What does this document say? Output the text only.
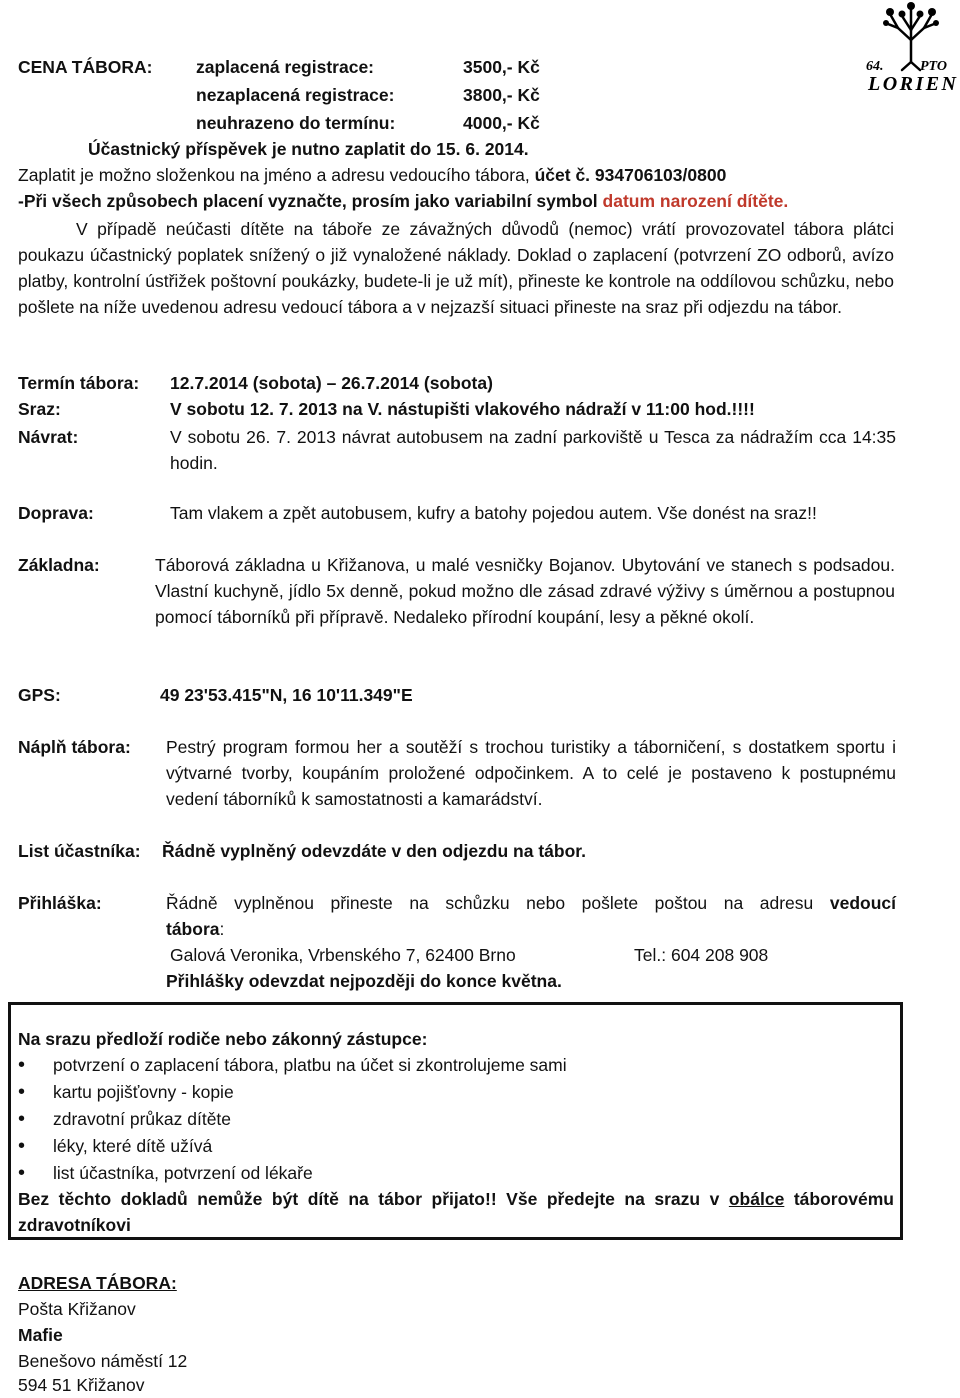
64.	PTO
LORIEN
CENA TÁBORA: zaplacená registrace:	3500,- Kč
nezaplacená registrace:	3800,- Kč
neuhrazeno do termínu:	4000,- Kč
Účastnický příspěvek je nutno zaplatit do 15. 6. 2014.
Zaplatit je možno složenkou na jméno a adresu vedoucího tábora, účet č. 934706103/0800
-Při všech způsobech placení vyznačte, prosím jako variabilní symbol datum narození dítěte.
V případě neúčasti dítěte na táboře ze závažných důvodů (nemoc) vrátí provozovatel tábora plátci poukazu účastnický poplatek snížený o již vynaložené náklady. Doklad o zaplacení (potvrzení ZO odborů, avízo platby, kontrolní ústřižek poštovní poukázky, budete-li je už mít), přineste ke kontrole na oddílovou schůzku, nebo pošlete na níže uvedenou adresu vedoucí tábora a v nejzazší situaci přineste na sraz při odjezdu na tábor.
Termín tábora: 12.7.2014 (sobota) – 26.7.2014 (sobota)
Sraz:	V sobotu 12. 7. 2013 na V. nástupišti vlakového nádraží v 11:00 hod.!!!!
Návrat:	V sobotu 26. 7. 2013 návrat autobusem na zadní parkoviště u Tesca za nádražím cca 14:35 hodin.
Doprava:	Tam vlakem a zpět autobusem, kufry a batohy pojedou autem. Vše donést na sraz!!
Základna:	Táborová základna u Křižanova, u malé vesničky Bojanov. Ubytování ve stanech s podsadou. Vlastní kuchyně, jídlo 5x denně, pokud možno dle zásad zdravé výživy s úměrnou a postupnou pomocí táborníků při přípravě. Nedaleko přírodní koupání, lesy a pěkné okolí.
GPS:	49 23'53.415"N, 16 10'11.349"E
Náplň tábora: Pestrý program formou her a soutěží s trochou turistiky a táborničení, s dostatkem sportu i výtvarné tvorby, koupáním proložené odpočinkem. A to celé je postaveno k postupnému vedení táborníků k samostatnosti a kamarádství.
List účastníka: Řádně vyplněný odevzdáte v den odjezdu na tábor.
Přihláška:	Řádně vyplněnou přineste na schůzku nebo pošlete poštou na adresu vedoucí
tábora:
Galová Veronika, Vrbenského 7, 62400 Brno	Tel.: 604 208 908
Přihlášky odevzdat nejpozději do konce května.
Na srazu předloží rodiče nebo zákonný zástupce:
• potvrzení o zaplacení tábora, platbu na účet si zkontrolujeme sami
• kartu pojišťovny - kopie
• zdravotní průkaz dítěte
• léky, které dítě užívá
• list účastníka, potvrzení od lékaře
Bez těchto dokladů nemůže být dítě na tábor přijato!! Vše předejte na srazu v obálce táborovému
zdravotníkovi
ADRESA TÁBORA:
Pošta Křižanov
Mafie
Benešovo náměstí 12
594 51 Křižanov
